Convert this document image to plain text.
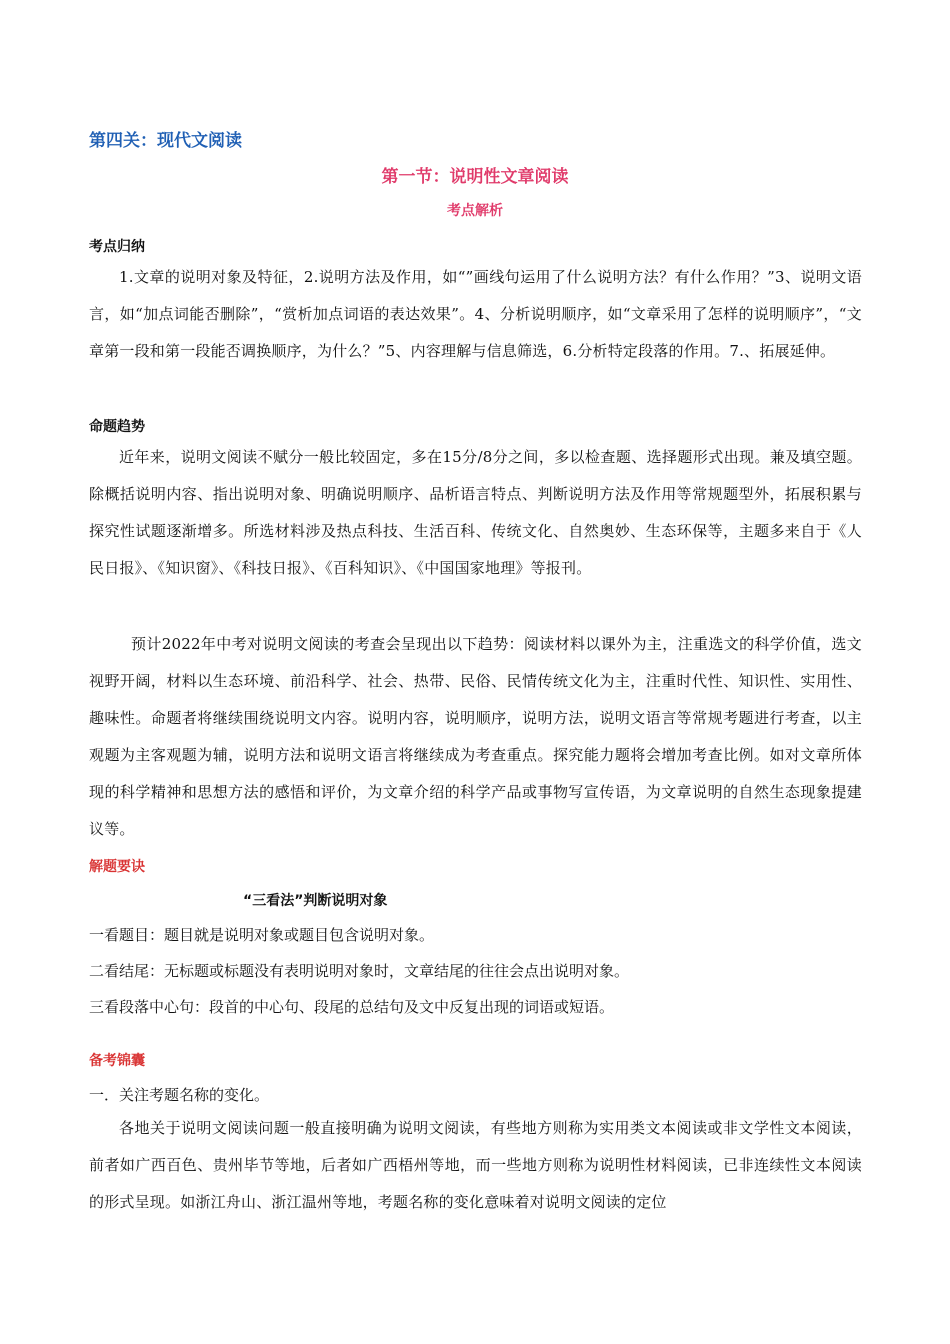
第四关：现代文阅读
第一节：说明性文章阅读
考点解析
考点归纳
1.文章的说明对象及特征，2.说明方法及作用，如“”画线句运用了什么说明方法？有什么作用？”3、说明文语言，如“加点词能否删除”，“赏析加点词语的表达效果”。4、分析说明顺序，如“文章采用了怎样的说明顺序”，“文章第一段和第一段能否调换顺序，为什么？”5、内容理解与信息筛选，6.分析特定段落的作用。7.、拓展延伸。
命题趋势
近年来，说明文阅读不赋分一般比较固定，多在15分/8分之间，多以检查题、选择题形式出现。兼及填空题。除概括说明内容、指出说明对象、明确说明顺序、品析语言特点、判断说明方法及作用等常规题型外，拓展积累与探究性试题逐渐增多。所选材料涉及热点科技、生活百科、传统文化、自然奥妙、生态环保等，主题多来自于《人民日报》、《知识窗》、《科技日报》、《百科知识》、《中国国家地理》等报刊。
预计2022年中考对说明文阅读的考查会呈现出以下趋势：阅读材料以课外为主，注重选文的科学价值，选文视野开阔，材料以生态环境、前沿科学、社会、热带、民俗、民情传统文化为主，注重时代性、知识性、实用性、趣味性。命题者将继续围绕说明文内容。说明内容，说明顺序，说明方法，说明文语言等常规考题进行考查，以主观题为主客观题为辅，说明方法和说明文语言将继续成为考查重点。探究能力题将会增加考查比例。如对文章所体现的科学精神和思想方法的感悟和评价，为文章介绍的科学产品或事物写宣传语，为文章说明的自然生态现象提建议等。
解题要诀
“三看法”判断说明对象
一看题目：题目就是说明对象或题目包含说明对象。
二看结尾：无标题或标题没有表明说明对象时，文章结尾的往往会点出说明对象。
三看段落中心句：段首的中心句、段尾的总结句及文中反复出现的词语或短语。
备考锦囊
一．关注考题名称的变化。
各地关于说明文阅读问题一般直接明确为说明文阅读，有些地方则称为实用类文本阅读或非文学性文本阅读，前者如广西百色、贵州毕节等地，后者如广西梧州等地，而一些地方则称为说明性材料阅读，已非连续性文本阅读的形式呈现。如浙江舟山、浙江温州等地，考题名称的变化意味着对说明文阅读的定位
